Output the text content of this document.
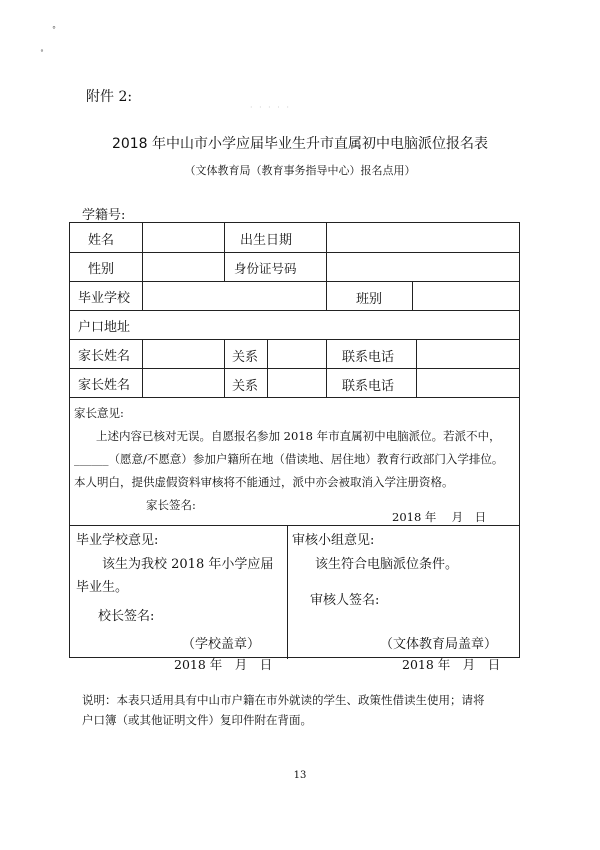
°
∘
附件 2:
· · · · ·
2018 年中山市小学应届毕业生升市直属初中电脑派位报名表
（文体教育局（教育事务指导中心）报名点用）
学籍号:
姓名	出生日期
性别	身份证号码
毕业学校	班别
户口地址
家长姓名	关系	联系电话
家长姓名	关系	联系电话
家长意见:
上述内容已核对无误。自愿报名参加 2018 年市直属初中电脑派位。若派不中，
______（愿意/不愿意）参加户籍所在地（借读地、居住地）教育行政部门入学排位。
本人明白，提供虚假资料审核将不能通过，派中亦会被取消入学注册资格。
家长签名:
2018 年　 月　日
毕业学校意见:
该生为我校 2018 年小学应届
毕业生。
校长签名:
（学校盖章）
2018 年　月　日
审核小组意见:
该生符合电脑派位条件。
审核人签名:
（文体教育局盖章）
2018 年　月　日
说明：本表只适用具有中山市户籍在市外就读的学生、政策性借读生使用；请将
户口簿（或其他证明文件）复印件附在背面。
13
